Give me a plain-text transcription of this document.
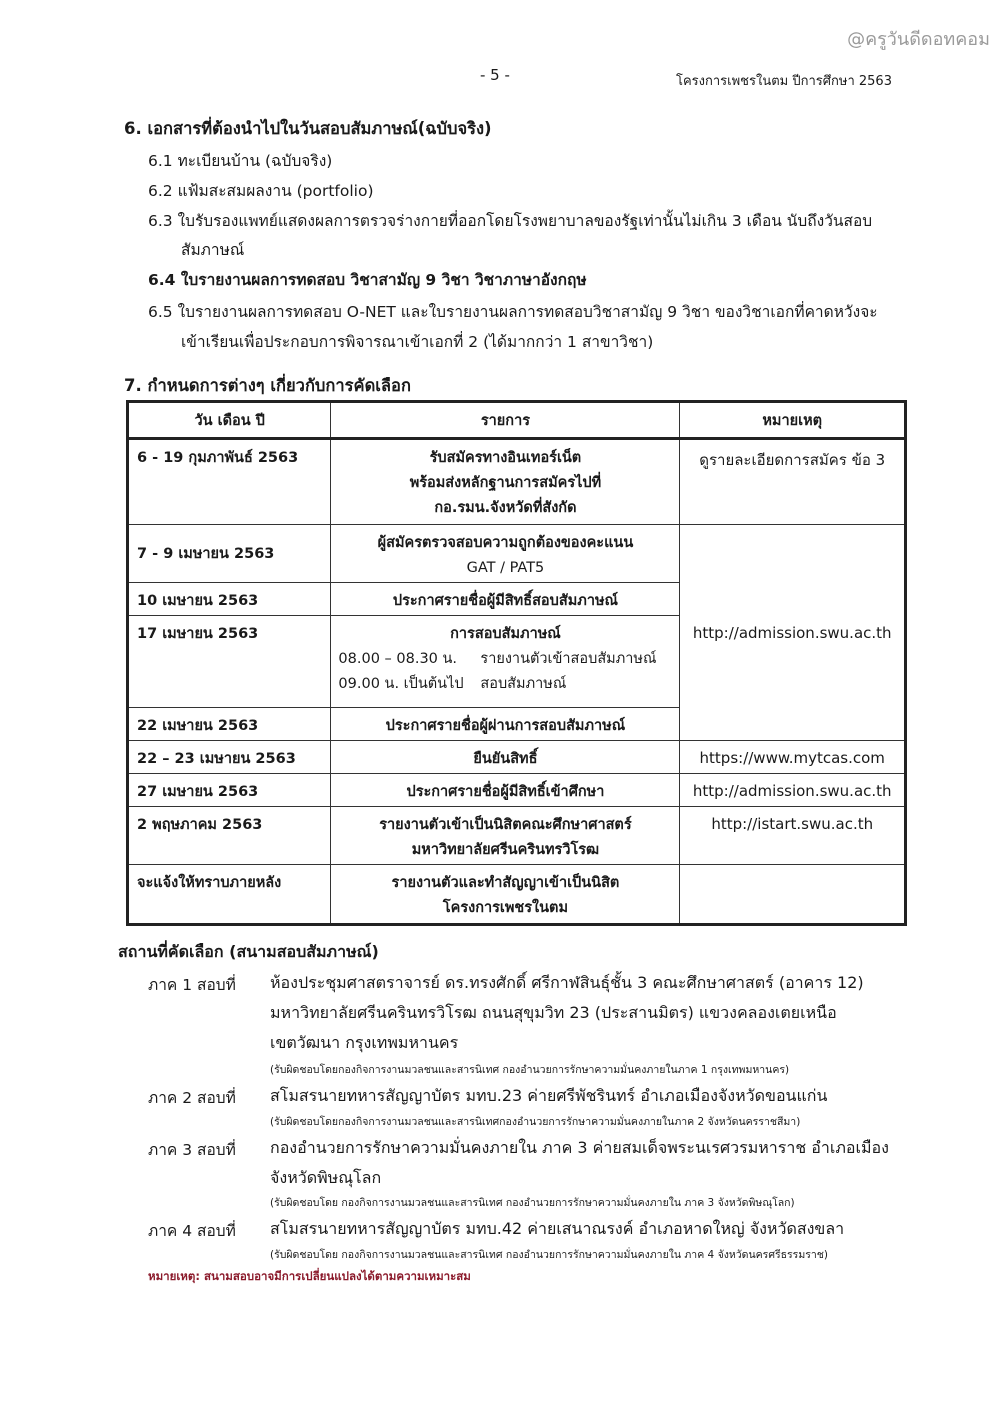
@ครูวันดีดอทคอม
- 5 -	โครงการเพชรในตม ปีการศึกษา 2563
6. เอกสารที่ต้องนำไปในวันสอบสัมภาษณ์(ฉบับจริง)
6.1 ทะเบียนบ้าน (ฉบับจริง)
6.2 แฟ้มสะสมผลงาน (portfolio)
6.3 ใบรับรองแพทย์แสดงผลการตรวจร่างกายที่ออกโดยโรงพยาบาลของรัฐเท่านั้นไม่เกิน 3 เดือน นับถึงวันสอบ
สัมภาษณ์
6.4 ใบรายงานผลการทดสอบ วิชาสามัญ 9 วิชา วิชาภาษาอังกฤษ
6.5 ใบรายงานผลการทดสอบ O-NET และใบรายงานผลการทดสอบวิชาสามัญ 9 วิชา ของวิชาเอกที่คาดหวังจะ
เข้าเรียนเพื่อประกอบการพิจารณาเข้าเอกที่ 2 (ได้มากกว่า 1 สาขาวิชา)
7. กำหนดการต่างๆ เกี่ยวกับการคัดเลือก
วัน เดือน ปี	รายการ	หมายเหตุ
6 - 19 กุมภาพันธ์ 2563	รับสมัครทางอินเทอร์เน็ต
พร้อมส่งหลักฐานการสมัครไปที่
กอ.รมน.จังหวัดที่สังกัด	ดูรายละเอียดการสมัคร ข้อ 3
7 - 9 เมษายน 2563	ผู้สมัครตรวจสอบความถูกต้องของคะแนน
GAT / PAT5	http://admission.swu.ac.th
10 เมษายน 2563	ประกาศรายชื่อผู้มีสิทธิ์สอบสัมภาษณ์	

17 เมษายน 2563	การสอบสัมภาษณ์
08.00 – 08.30 น. รายงานตัวเข้าสอบสัมภาษณ์
09.00 น. เป็นต้นไป สอบสัมภาษณ์	

22 เมษายน 2563	ประกาศรายชื่อผู้ผ่านการสอบสัมภาษณ์	

22 – 23 เมษายน 2563	ยืนยันสิทธิ์	https://www.mytcas.com
27 เมษายน 2563	ประกาศรายชื่อผู้มีสิทธิ์เข้าศึกษา	http://admission.swu.ac.th
2 พฤษภาคม 2563	รายงานตัวเข้าเป็นนิสิตคณะศึกษาศาสตร์
มหาวิทยาลัยศรีนครินทรวิโรฒ	http://istart.swu.ac.th
จะแจ้งให้ทราบภายหลัง	รายงานตัวและทำสัญญาเข้าเป็นนิสิต
โครงการเพชรในตม	

สถานที่คัดเลือก (สนามสอบสัมภาษณ์)
ภาค 1 สอบที่ ห้องประชุมศาสตราจารย์ ดร.ทรงศักดิ์ ศรีกาฬสินธุ์ชั้น 3 คณะศึกษาศาสตร์ (อาคาร 12)
มหาวิทยาลัยศรีนครินทรวิโรฒ ถนนสุขุมวิท 23 (ประสานมิตร) แขวงคลองเตยเหนือ
เขตวัฒนา กรุงเทพมหานคร
(รับผิดชอบโดยกองกิจการงานมวลชนและสารนิเทศ กองอำนวยการรักษาความมั่นคงภายในภาค 1 กรุงเทพมหานคร)
ภาค 2 สอบที่ สโมสรนายทหารสัญญาบัตร มทบ.23 ค่ายศรีพัชรินทร์ อำเภอเมืองจังหวัดขอนแก่น
(รับผิดชอบโดยกองกิจการงานมวลชนและสารนิเทศกองอำนวยการรักษาความมั่นคงภายในภาค 2 จังหวัดนครราชสีมา)
ภาค 3 สอบที่ กองอำนวยการรักษาความมั่นคงภายใน ภาค 3 ค่ายสมเด็จพระนเรศวรมหาราช อำเภอเมือง
จังหวัดพิษณุโลก
(รับผิดชอบโดย กองกิจการงานมวลชนและสารนิเทศ กองอำนวยการรักษาความมั่นคงภายใน ภาค 3 จังหวัดพิษณุโลก)
ภาค 4 สอบที่ สโมสรนายทหารสัญญาบัตร มทบ.42 ค่ายเสนาณรงค์ อำเภอหาดใหญ่ จังหวัดสงขลา
(รับผิดชอบโดย กองกิจการงานมวลชนและสารนิเทศ กองอำนวยการรักษาความมั่นคงภายใน ภาค 4 จังหวัดนครศรีธรรมราช)
หมายเหตุ: สนามสอบอาจมีการเปลี่ยนแปลงได้ตามความเหมาะสม
